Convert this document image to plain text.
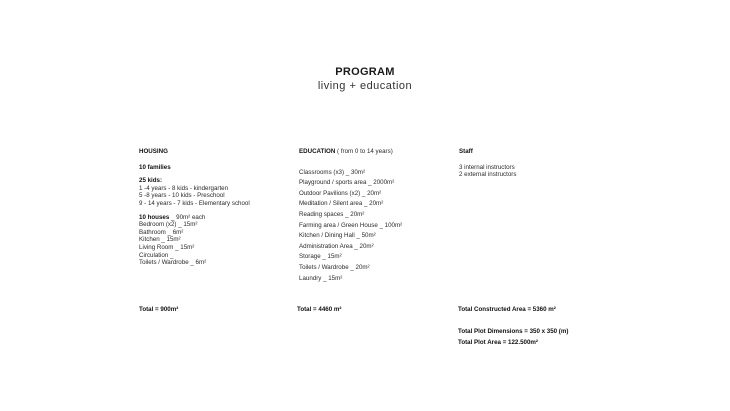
PROGRAM
living + education
HOUSING
10 families
25 kids:
1 -4 years - 8 kids - kindergarten
5 -8 years - 10 kids - Preschool
9 - 14 years - 7 kids - Elementary school
10 houses _ 90m² each
Bedroom (x2) _ 15m²
Bathroom _ 6m²
Kitchen _ 15m²
Living Room _ 15m²
Circulation _
Toilets / Wardrobe _ 6m²
Total = 900m²
EDUCATION ( from 0 to 14 years)
Classrooms (x3) _ 30m²
Playground / sports area _ 2000m²
Outdoor Pavilions (x2) _ 20m²
Meditation / Silent area _ 20m²
Reading spaces _ 20m²
Farming area / Green House _ 100m²
Kitchen / Dining Hall _ 50m²
Administration Area _ 20m²
Storage _ 15m²
Toilets / Wardrobe _ 20m²
Laundry _ 15m²
Total = 4460 m²
Staff
3 internal instructors
2 external instructors
Total Constructed Area = 5360 m²
Total Plot Dimensions = 350 x 350 (m)
Total Plot Area = 122.500m²
